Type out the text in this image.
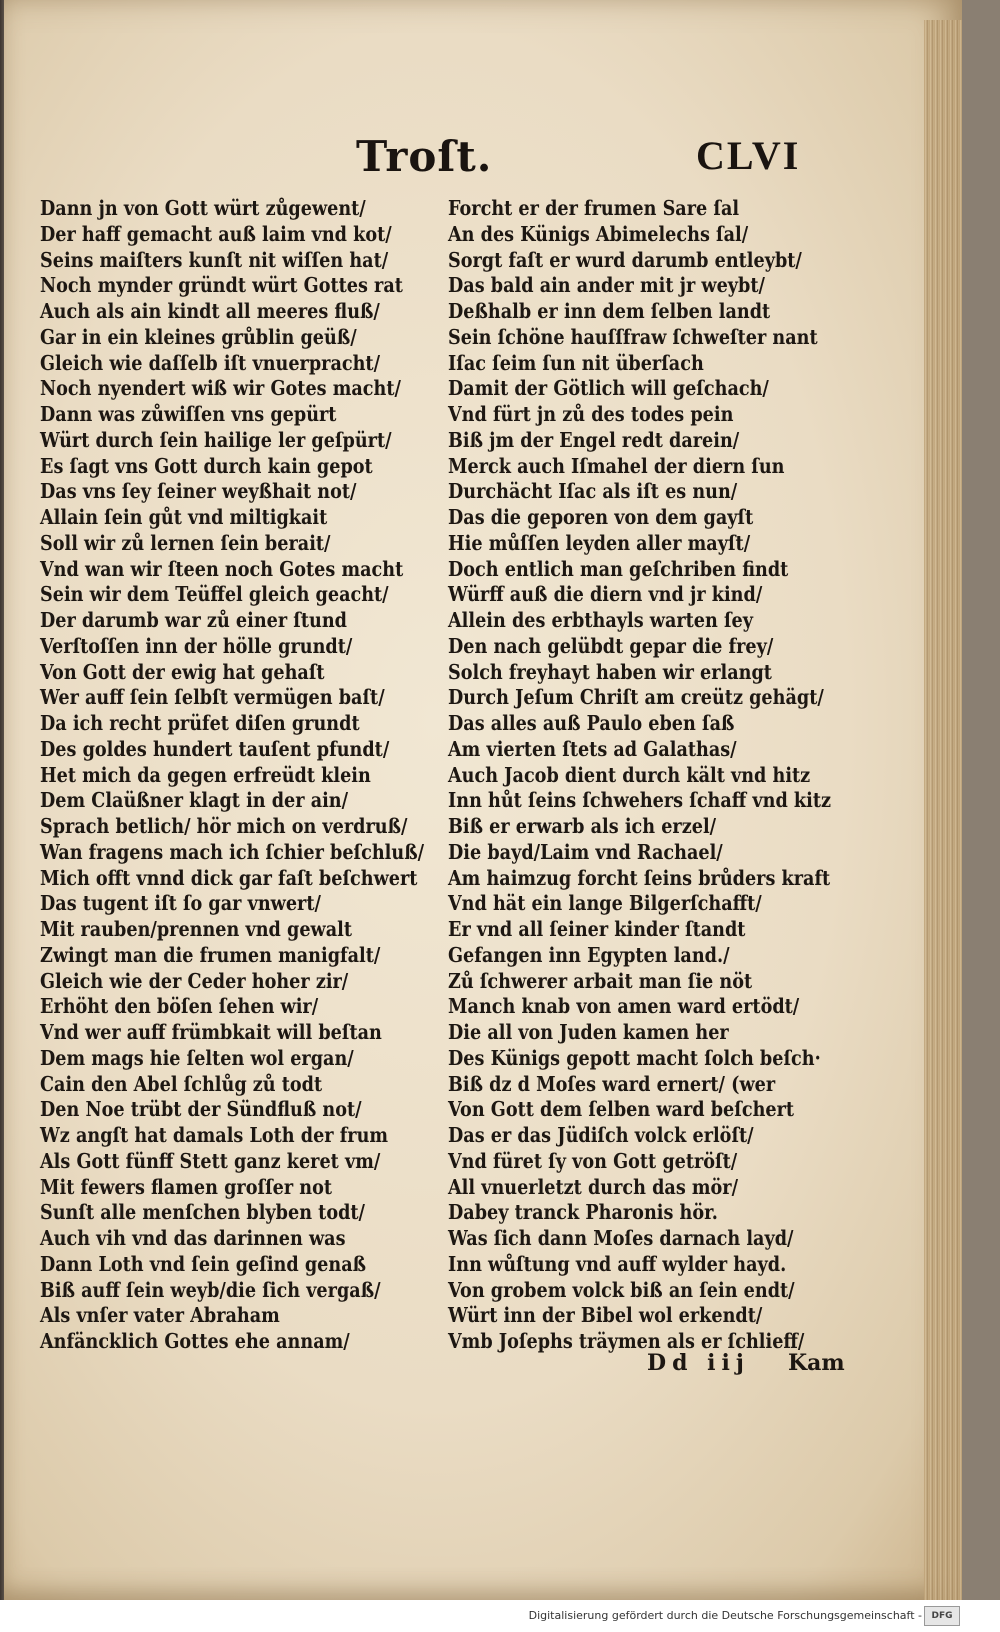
Troſt.	CLVI
Dann jn von Gott würt zůgewent/
Der haff gemacht auß laim vnd kot/
Seins maiſters kunſt nit wiſſen hat/
Noch mynder gründt würt Gottes rat
Auch als ain kindt all meeres fluß/
Gar in ein kleines grůblin geüß/
Gleich wie daſſelb iſt vnuerpracht/
Noch nyendert wiß wir Gotes macht/
Dann was zůwiſſen vns gepürt
Würt durch ſein hailige ler geſpürt/
Es ſagt vns Gott durch kain gepot
Das vns ſey ſeiner weyßhait not/
Allain ſein gůt vnd miltigkait
Soll wir zů lernen ſein berait/
Vnd wan wir ſteen noch Gotes macht
Sein wir dem Teüffel gleich geacht/
Der darumb war zů einer ſtund
Verſtoſſen inn der hölle grundt/
Von Gott der ewig hat gehaſt
Wer auff ſein ſelbſt vermügen baſt/
Da ich recht prüfet diſen grundt
Des goldes hundert tauſent pfundt/
Het mich da gegen erfreüdt klein
Dem Claüßner klagt in der ain/
Sprach betlich/ hör mich on verdruß/
Wan fragens mach ich ſchier beſchluß/
Mich offt vnnd dick gar faſt beſchwert
Das tugent iſt ſo gar vnwert/
Mit rauben/prennen vnd gewalt
Zwingt man die frumen manigfalt/
Gleich wie der Ceder hoher zir/
Erhöht den böſen ſehen wir/
Vnd wer auff frümbkait will beſtan
Dem mags hie ſelten wol ergan/
Cain den Abel ſchlůg zů todt
Den Noe trübt der Sündfluß not/
Wz angſt hat damals Loth der frum
Als Gott fünff Stett ganz keret vm/
Mit fewers flamen groſſer not
Sunſt alle menſchen blyben todt/
Auch vih vnd das darinnen was
Dann Loth vnd ſein geſind genaß
Biß auff ſein weyb/die ſich vergaß/
Als vnſer vater Abraham
Anfäncklich Gottes ehe annam/
Forcht er der frumen Sare ſal
An des Künigs Abimelechs ſal/
Sorgt faſt er wurd darumb entleybt/
Das bald ain ander mit jr weybt/
Deßhalb er inn dem ſelben landt
Sein ſchöne hauſſfraw ſchweſter nant
Iſac ſeim ſun nit überſach
Damit der Götlich will geſchach/
Vnd fürt jn zů des todes pein
Biß jm der Engel redt darein/
Merck auch Iſmahel der diern ſun
Durchächt Iſac als iſt es nun/
Das die geporen von dem gayſt
Hie můſſen leyden aller mayſt/
Doch entlich man geſchriben findt
Würff auß die diern vnd jr kind/
Allein des erbthayls warten ſey
Den nach gelübdt gepar die frey/
Solch freyhayt haben wir erlangt
Durch Jeſum Chriſt am creütz gehägt/
Das alles auß Paulo eben ſaß
Am vierten ſtets ad Galathas/
Auch Jacob dient durch kält vnd hitz
Inn hůt ſeins ſchwehers ſchaff vnd kitz
Biß er erwarb als ich erzel/
Die bayd/Laim vnd Rachael/
Am haimzug forcht ſeins brůders kraft
Vnd hät ein lange Bilgerſchafft/
Er vnd all ſeiner kinder ſtandt
Gefangen inn Egypten land./
Zů ſchwerer arbait man ſie nöt
Manch knab von amen ward ertödt/
Die all von Juden kamen her
Des Künigs gepott macht ſolch beſch·
Biß dz d Moſes ward ernert/ (wer
Von Gott dem ſelben ward beſchert
Das er das Jüdiſch volck erlöſt/
Vnd füret ſy von Gott getröſt/
All vnuerletzt durch das mör/
Dabey tranck Pharonis hör.
Was ſich dann Moſes darnach layd/
Inn wůſtung vnd auff wylder hayd.
Von grobem volck biß an ſein endt/
Würt inn der Bibel wol erkendt/
Vmb Joſephs träymen als er ſchlieff/
Dd iij Kam
Digitalisierung gefördert durch die Deutsche Forschungsgemeinschaft -	DFG
